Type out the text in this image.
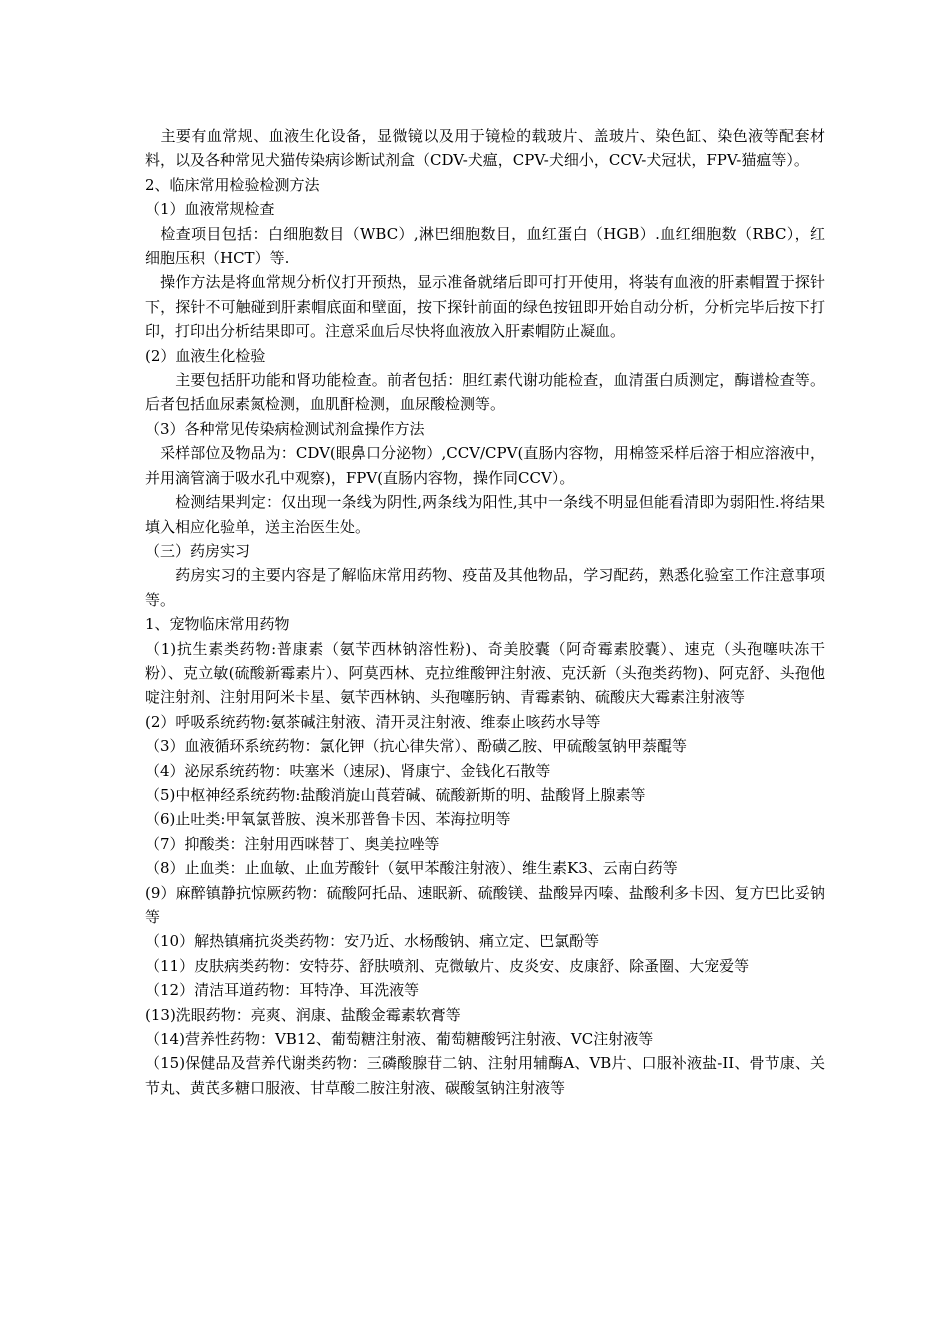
　主要有血常规、血液生化设备，显微镜以及用于镜检的载玻片、盖玻片、染色缸、染色液等配套材料，以及各种常见犬猫传染病诊断试剂盒（CDV-犬瘟，CPV-犬细小，CCV-犬冠状，FPV-猫瘟等）。

2、临床常用检验检测方法

（1）血液常规检查

　检查项目包括：白细胞数目（WBC）,淋巴细胞数目，血红蛋白（HGB）.血红细胞数（RBC），红细胞压积（HCT）等.

　操作方法是将血常规分析仪打开预热，显示准备就绪后即可打开使用，将装有血液的肝素帽置于探针下，探针不可触碰到肝素帽底面和壁面，按下探针前面的绿色按钮即开始自动分析，分析完毕后按下打印，打印出分析结果即可。注意采血后尽快将血液放入肝素帽防止凝血。

(2）血液生化检验

　　主要包括肝功能和肾功能检查。前者包括：胆红素代谢功能检查，血清蛋白质测定，酶谱检查等。后者包括血尿素氮检测，血肌酐检测，血尿酸检测等。

（3）各种常见传染病检测试剂盒操作方法

　采样部位及物品为：CDV(眼鼻口分泌物）,CCV/CPV(直肠内容物，用棉签采样后溶于相应溶液中，并用滴管滴于吸水孔中观察)，FPV(直肠内容物，操作同CCV）。

　　检测结果判定：仅出现一条线为阴性,两条线为阳性,其中一条线不明显但能看清即为弱阳性.将结果填入相应化验单，送主治医生处。

（三）药房实习

　　药房实习的主要内容是了解临床常用药物、疫苗及其他物品，学习配药，熟悉化验室工作注意事项等。

1、宠物临床常用药物

（1)抗生素类药物:普康素（氨苄西林钠溶性粉)、奇美胶囊（阿奇霉素胶囊）、速克（头孢噻呋冻干粉）、克立敏(硫酸新霉素片）、阿莫西林、克拉维酸钾注射液、克沃新（头孢类药物)、阿克舒、头孢他啶注射剂、注射用阿米卡星、氨苄西林钠、头孢噻肟钠、青霉素钠、硫酸庆大霉素注射液等

(2）呼吸系统药物:氨茶碱注射液、清开灵注射液、维泰止咳药水导等

（3）血液循环系统药物：氯化钾（抗心律失常）、酚磺乙胺、甲硫酸氢钠甲萘醌等

（4）泌尿系统药物：呋塞米（速尿)、肾康宁、金钱化石散等

（5)中枢神经系统药物:盐酸消旋山莨菪碱、硫酸新斯的明、盐酸肾上腺素等

（6)止吐类:甲氧氯普胺、溴米那普鲁卡因、苯海拉明等

（7）抑酸类：注射用西咪替丁、奥美拉唑等

（8）止血类：止血敏、止血芳酸针（氨甲苯酸注射液）、维生素K3、云南白药等

(9）麻醉镇静抗惊厥药物：硫酸阿托品、速眠新、硫酸镁、盐酸异丙嗪、盐酸利多卡因、复方巴比妥钠等

（10）解热镇痛抗炎类药物：安乃近、水杨酸钠、痛立定、巴氯酚等

（11）皮肤病类药物：安特芬、舒肤喷剂、克微敏片、皮炎安、皮康舒、除蚤圈、大宠爱等

（12）清洁耳道药物：耳特净、耳洗液等

(13)洗眼药物：亮爽、润康、盐酸金霉素软膏等

（14)营养性药物：VB12、葡萄糖注射液、葡萄糖酸钙注射液、VC注射液等

（15)保健品及营养代谢类药物：三磷酸腺苷二钠、注射用辅酶A、VB片、口服补液盐-II、骨节康、关节丸、黄芪多糖口服液、甘草酸二胺注射液、碳酸氢钠注射液等
